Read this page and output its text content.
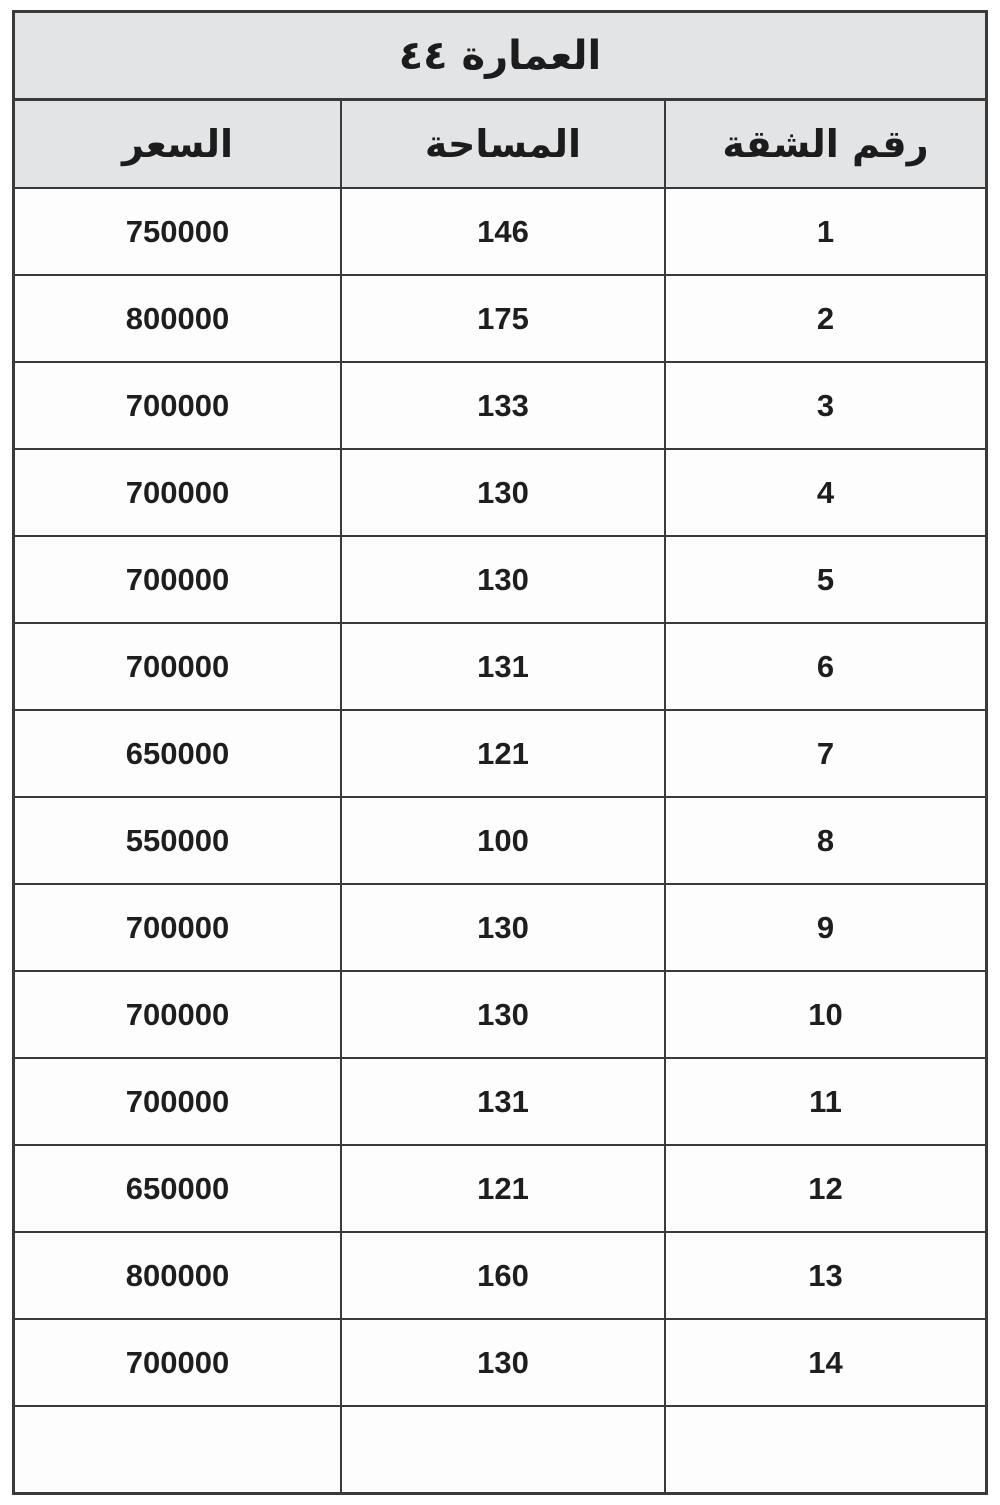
العمارة ٤٤
السعر	المساحة	رقم الشقة
750000	146	1
800000	175	2
700000	133	3
700000	130	4
700000	130	5
700000	131	6
650000	121	7
550000	100	8
700000	130	9
700000	130	10
700000	131	11
650000	121	12
800000	160	13
700000	130	14
